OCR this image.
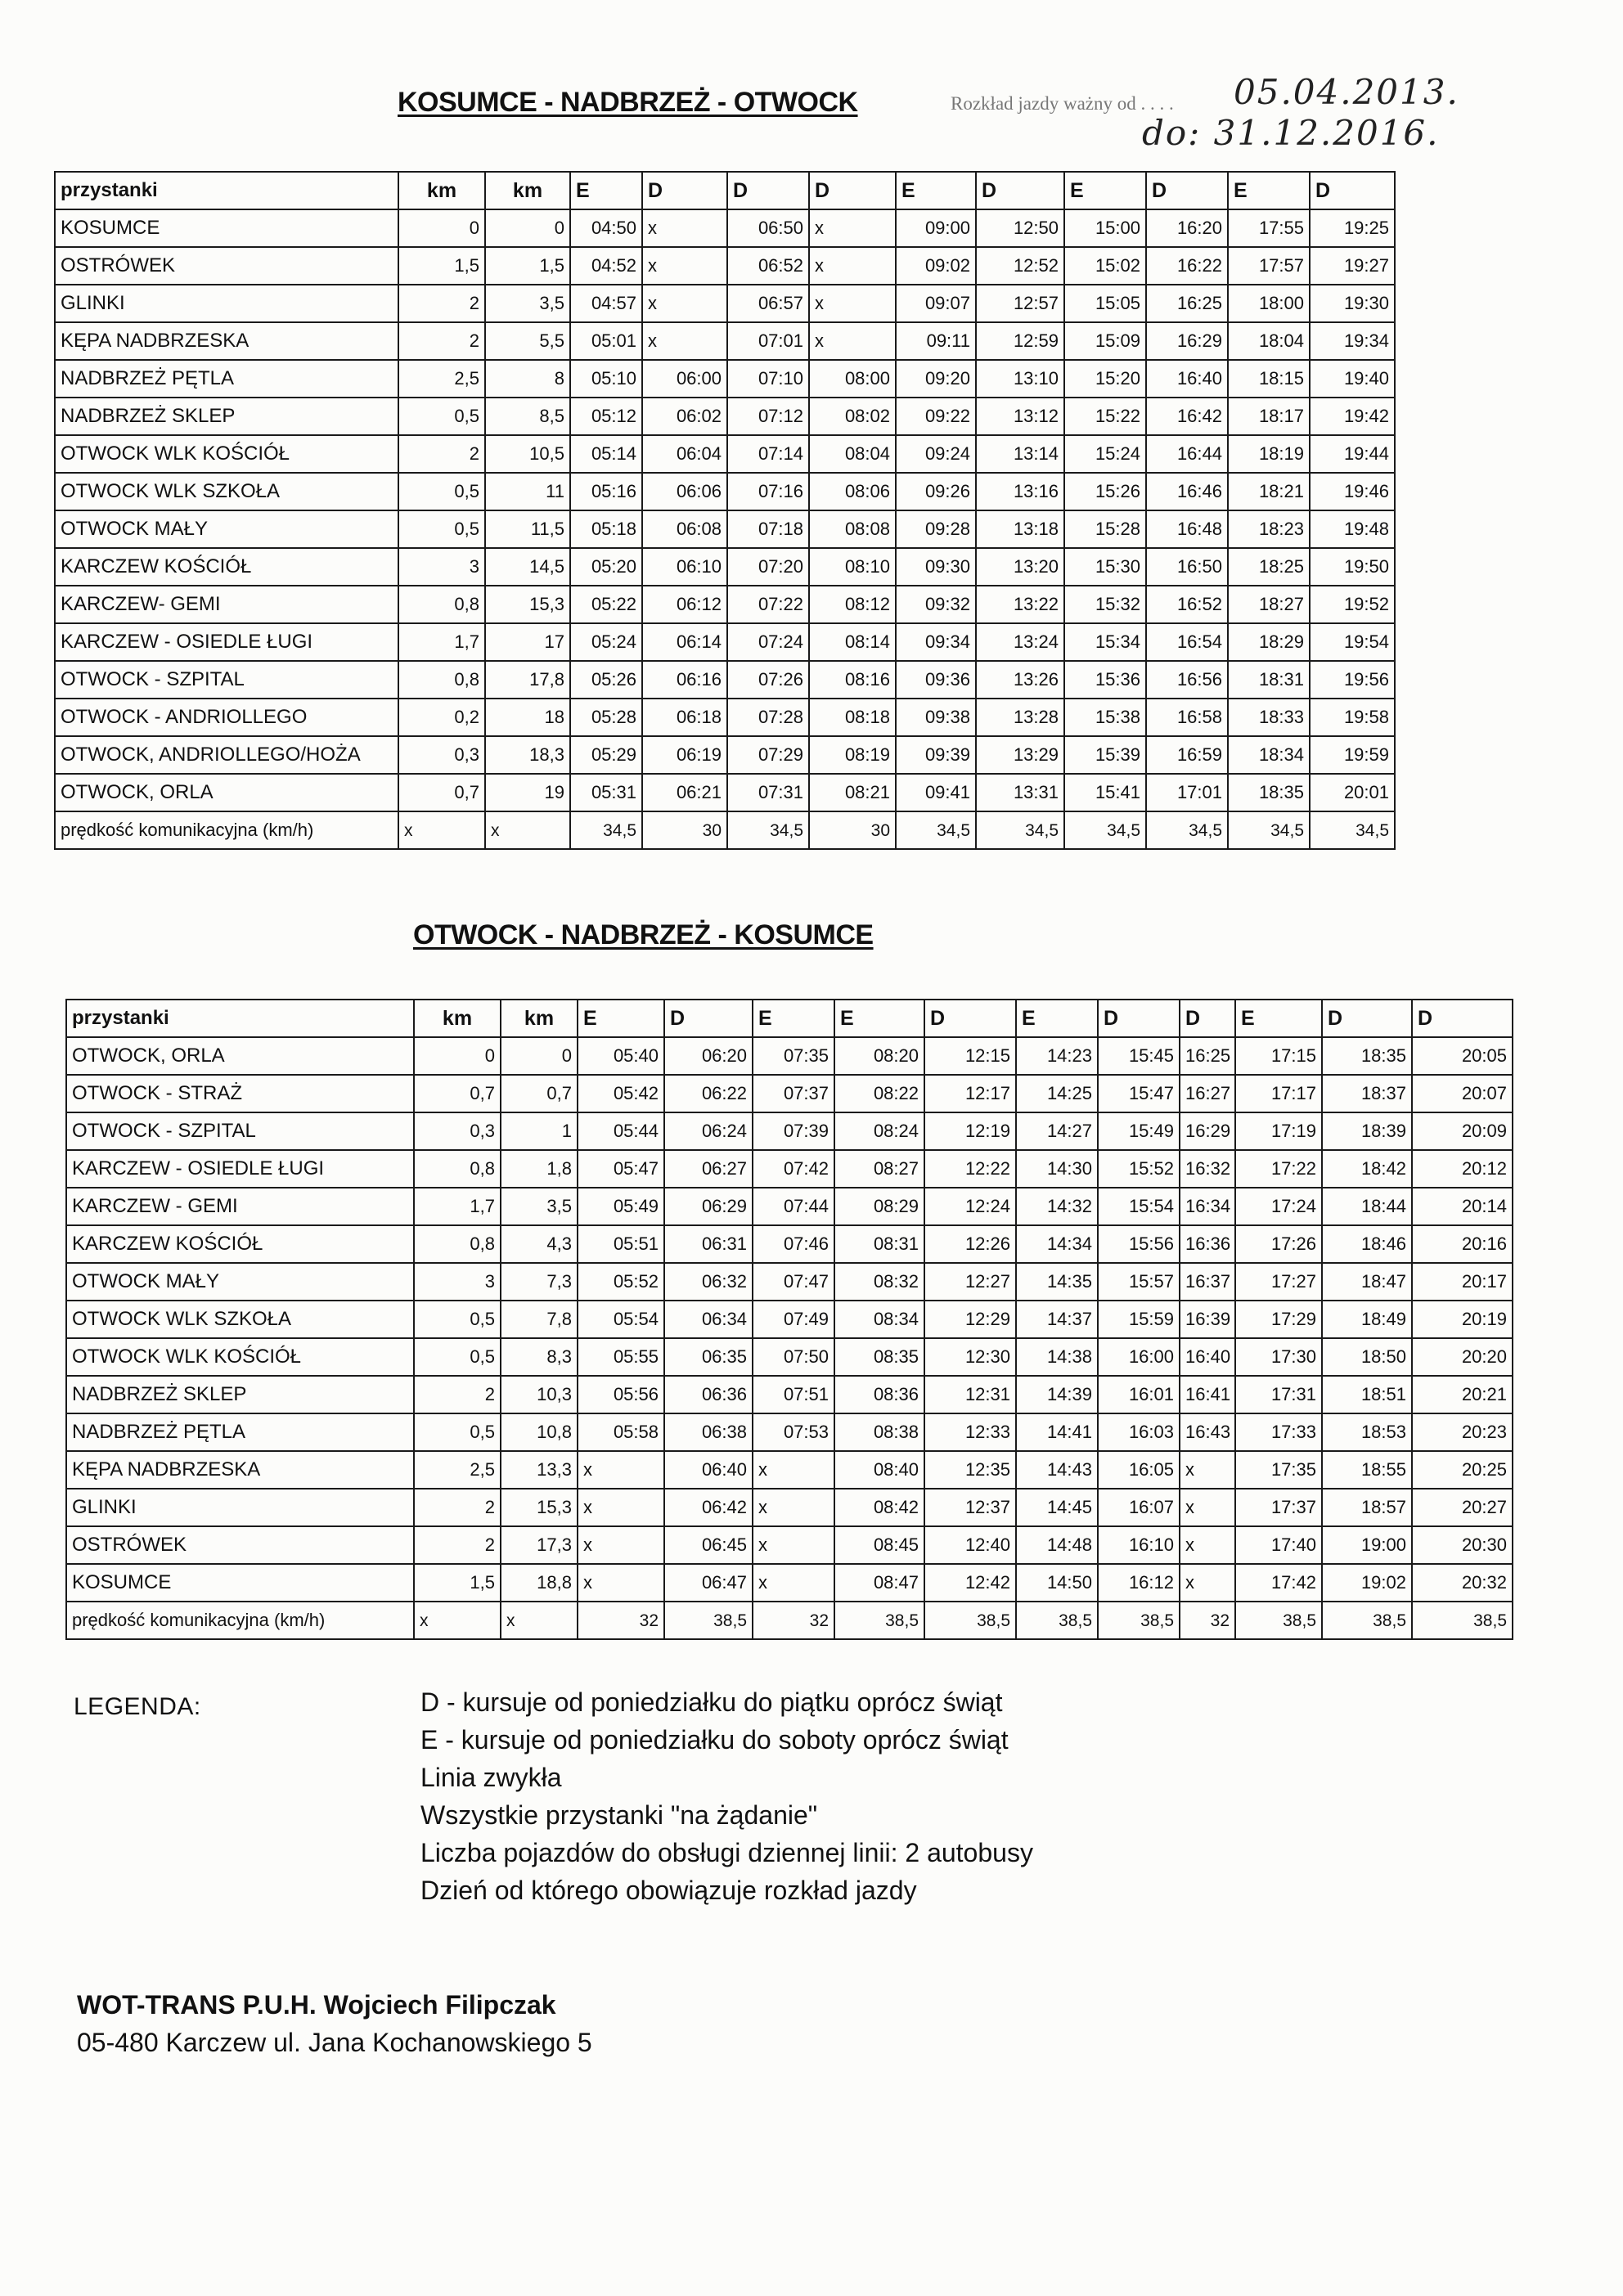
KOSUMCE - NADBRZEŻ - OTWOCK	Rozkład jazdy ważny od . . . . 05.04.2013.
do: 31.12.2016.
przystanki	km	km	E	D	D	D	E	D	E	D	E	D
KOSUMCE	0	0	04:50	x	06:50	x	09:00	12:50	15:00	16:20	17:55	19:25
OSTRÓWEK	1,5	1,5	04:52	x	06:52	x	09:02	12:52	15:02	16:22	17:57	19:27
GLINKI	2	3,5	04:57	x	06:57	x	09:07	12:57	15:05	16:25	18:00	19:30
KĘPA NADBRZESKA	2	5,5	05:01	x	07:01	x	09:11	12:59	15:09	16:29	18:04	19:34
NADBRZEŻ PĘTLA	2,5	8	05:10	06:00	07:10	08:00	09:20	13:10	15:20	16:40	18:15	19:40
NADBRZEŻ SKLEP	0,5	8,5	05:12	06:02	07:12	08:02	09:22	13:12	15:22	16:42	18:17	19:42
OTWOCK WLK KOŚCIÓŁ	2	10,5	05:14	06:04	07:14	08:04	09:24	13:14	15:24	16:44	18:19	19:44
OTWOCK WLK SZKOŁA	0,5	11	05:16	06:06	07:16	08:06	09:26	13:16	15:26	16:46	18:21	19:46
OTWOCK MAŁY	0,5	11,5	05:18	06:08	07:18	08:08	09:28	13:18	15:28	16:48	18:23	19:48
KARCZEW KOŚCIÓŁ	3	14,5	05:20	06:10	07:20	08:10	09:30	13:20	15:30	16:50	18:25	19:50
KARCZEW- GEMI	0,8	15,3	05:22	06:12	07:22	08:12	09:32	13:22	15:32	16:52	18:27	19:52
KARCZEW - OSIEDLE ŁUGI	1,7	17	05:24	06:14	07:24	08:14	09:34	13:24	15:34	16:54	18:29	19:54
OTWOCK - SZPITAL	0,8	17,8	05:26	06:16	07:26	08:16	09:36	13:26	15:36	16:56	18:31	19:56
OTWOCK - ANDRIOLLEGO	0,2	18	05:28	06:18	07:28	08:18	09:38	13:28	15:38	16:58	18:33	19:58
OTWOCK, ANDRIOLLEGO/HOŻA	0,3	18,3	05:29	06:19	07:29	08:19	09:39	13:29	15:39	16:59	18:34	19:59
OTWOCK, ORLA	0,7	19	05:31	06:21	07:31	08:21	09:41	13:31	15:41	17:01	18:35	20:01
prędkość komunikacyjna (km/h)	x	x	34,5	30	34,5	30	34,5	34,5	34,5	34,5	34,5	34,5
OTWOCK - NADBRZEŻ - KOSUMCE
przystanki	km	km	E	D	E	E	D	E	D	D	E	D	D
OTWOCK, ORLA	0	0	05:40	06:20	07:35	08:20	12:15	14:23	15:45	16:25	17:15	18:35	20:05
OTWOCK - STRAŻ	0,7	0,7	05:42	06:22	07:37	08:22	12:17	14:25	15:47	16:27	17:17	18:37	20:07
OTWOCK - SZPITAL	0,3	1	05:44	06:24	07:39	08:24	12:19	14:27	15:49	16:29	17:19	18:39	20:09
KARCZEW - OSIEDLE ŁUGI	0,8	1,8	05:47	06:27	07:42	08:27	12:22	14:30	15:52	16:32	17:22	18:42	20:12
KARCZEW - GEMI	1,7	3,5	05:49	06:29	07:44	08:29	12:24	14:32	15:54	16:34	17:24	18:44	20:14
KARCZEW KOŚCIÓŁ	0,8	4,3	05:51	06:31	07:46	08:31	12:26	14:34	15:56	16:36	17:26	18:46	20:16
OTWOCK MAŁY	3	7,3	05:52	06:32	07:47	08:32	12:27	14:35	15:57	16:37	17:27	18:47	20:17
OTWOCK WLK SZKOŁA	0,5	7,8	05:54	06:34	07:49	08:34	12:29	14:37	15:59	16:39	17:29	18:49	20:19
OTWOCK WLK KOŚCIÓŁ	0,5	8,3	05:55	06:35	07:50	08:35	12:30	14:38	16:00	16:40	17:30	18:50	20:20
NADBRZEŻ SKLEP	2	10,3	05:56	06:36	07:51	08:36	12:31	14:39	16:01	16:41	17:31	18:51	20:21
NADBRZEŻ PĘTLA	0,5	10,8	05:58	06:38	07:53	08:38	12:33	14:41	16:03	16:43	17:33	18:53	20:23
KĘPA NADBRZESKA	2,5	13,3	x	06:40	x	08:40	12:35	14:43	16:05	x	17:35	18:55	20:25
GLINKI	2	15,3	x	06:42	x	08:42	12:37	14:45	16:07	x	17:37	18:57	20:27
OSTRÓWEK	2	17,3	x	06:45	x	08:45	12:40	14:48	16:10	x	17:40	19:00	20:30
KOSUMCE	1,5	18,8	x	06:47	x	08:47	12:42	14:50	16:12	x	17:42	19:02	20:32
prędkość komunikacyjna (km/h)	x	x	32	38,5	32	38,5	38,5	38,5	38,5	32	38,5	38,5	38,5
LEGENDA:	D - kursuje od poniedziałku do piątku oprócz świąt
E - kursuje od poniedziałku do soboty oprócz świąt
Linia zwykła
Wszystkie przystanki "na żądanie"
Liczba pojazdów do obsługi dziennej linii: 2 autobusy
Dzień od którego obowiązuje rozkład jazdy
WOT-TRANS P.U.H. Wojciech Filipczak
05-480 Karczew ul. Jana Kochanowskiego 5
